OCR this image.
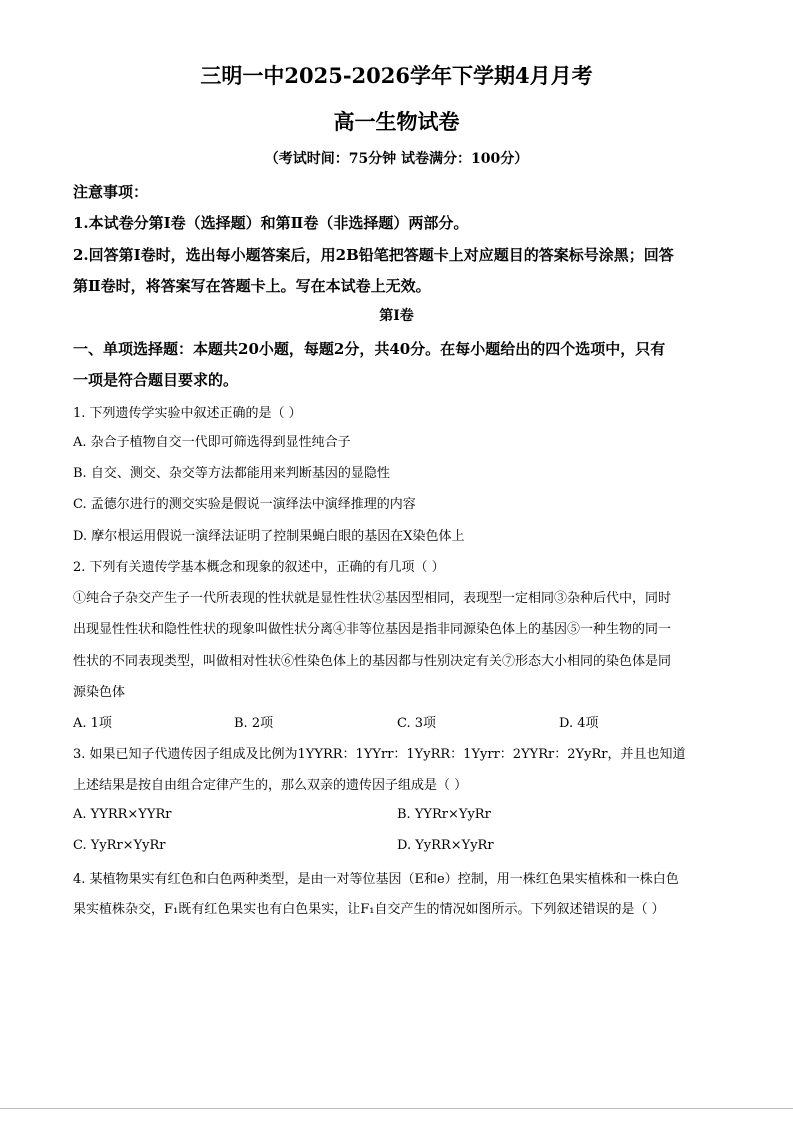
三明一中2025-2026学年下学期4月月考
高一生物试卷
（考试时间：75分钟 试卷满分：100分）
注意事项：
1.本试卷分第Ⅰ卷（选择题）和第Ⅱ卷（非选择题）两部分。
2.回答第Ⅰ卷时，选出每小题答案后，用2B铅笔把答题卡上对应题目的答案标号涂黑；回答
第Ⅱ卷时，将答案写在答题卡上。写在本试卷上无效。
第Ⅰ卷
一、单项选择题：本题共20小题，每题2分，共40分。在每小题给出的四个选项中，只有
一项是符合题目要求的。
1. 下列遗传学实验中叙述正确的是（ ）
A. 杂合子植物自交一代即可筛选得到显性纯合子
B. 自交、测交、杂交等方法都能用来判断基因的显隐性
C. 孟德尔进行的测交实验是假说一演绎法中演绎推理的内容
D. 摩尔根运用假说一演绎法证明了控制果蝇白眼的基因在X染色体上
2. 下列有关遗传学基本概念和现象的叙述中，正确的有几项（ ）
①纯合子杂交产生子一代所表现的性状就是显性性状②基因型相同，表现型一定相同③杂种后代中，同时
出现显性性状和隐性性状的现象叫做性状分离④非等位基因是指非同源染色体上的基因⑤一种生物的同一
性状的不同表现类型，叫做相对性状⑥性染色体上的基因都与性别决定有关⑦形态大小相同的染色体是同
源染色体
A. 1项	B. 2项	C. 3项	D. 4项
3. 如果已知子代遗传因子组成及比例为1YYRR：1YYrr：1YyRR：1Yyrr：2YYRr：2YyRr，并且也知道
上述结果是按自由组合定律产生的，那么双亲的遗传因子组成是（ ）
A. YYRR×YYRr	B. YYRr×YyRr
C. YyRr×YyRr	D. YyRR×YyRr
4. 某植物果实有红色和白色两种类型，是由一对等位基因（E和e）控制，用一株红色果实植株和一株白色
果实植株杂交，F₁既有红色果实也有白色果实，让F₁自交产生的情况如图所示。下列叙述错误的是（ ）
